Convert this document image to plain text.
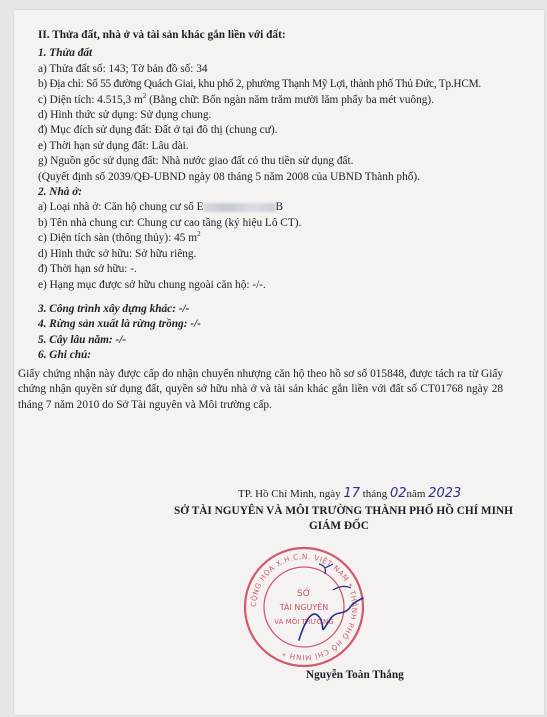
II. Thửa đất, nhà ở và tài sản khác gắn liền với đất:
1. Thửa đất
a) Thửa đất số: 143; Tờ bản đồ số: 34
b) Địa chỉ: Số 55 đường Quách Giai, khu phố 2, phường Thạnh Mỹ Lợi, thành phố Thủ Đức, Tp.HCM.
c) Diện tích: 4.515,3 $m^2$ (Bằng chữ: Bốn ngàn năm trăm mười lăm phẩy ba mét vuông).
d) Hình thức sử dụng: Sử dụng chung.
đ) Mục đích sử dụng đất: Đất ở tại đô thị (chung cư).
e) Thời hạn sử dụng đất: Lâu dài.
g) Nguồn gốc sử dụng đất: Nhà nước giao đất có thu tiền sử dụng đất.
(Quyết định số 2039/QĐ-UBND ngày 08 tháng 5 năm 2008 của UBND Thành phố).
2. Nhà ở:
a) Loại nhà ở: Căn hộ chung cư số E	B
b) Tên nhà chung cư: Chung cư cao tầng (ký hiệu Lô CT).
c) Diện tích sàn (thông thủy): 45 $m^2$
d) Hình thức sở hữu: Sở hữu riêng.
đ) Thời hạn sở hữu: -.
e) Hạng mục được sở hữu chung ngoài căn hộ: -/-.
3. Công trình xây dựng khác: -/-
4. Rừng sản xuất là rừng trồng: -/-
5. Cây lâu năm: -/-
6. Ghi chú:
Giấy chứng nhận này được cấp do nhận chuyển nhượng căn hộ theo hồ sơ số 015848, được tách ra từ Giấy chứng nhận quyền sử dụng đất, quyền sở hữu nhà ở và tài sản khác gắn liền với đất số CT01768 ngày 28 tháng 7 năm 2010 do Sở Tài nguyên và Môi trường cấp.
TP. Hồ Chí Minh, ngày 17 tháng 02năm 2023
SỞ TÀI NGUYÊN VÀ MÔI TRƯỜNG THÀNH PHỐ HỒ CHÍ MINH
GIÁM ĐỐC
CỘNG HÒA X.H.C.N. VIỆT NAM * THÀNH PHỐ HỒ CHÍ MINH *
SỞ
TÀI NGUYÊN
VÀ MÔI TRƯỜNG
Nguyễn Toàn Thắng
